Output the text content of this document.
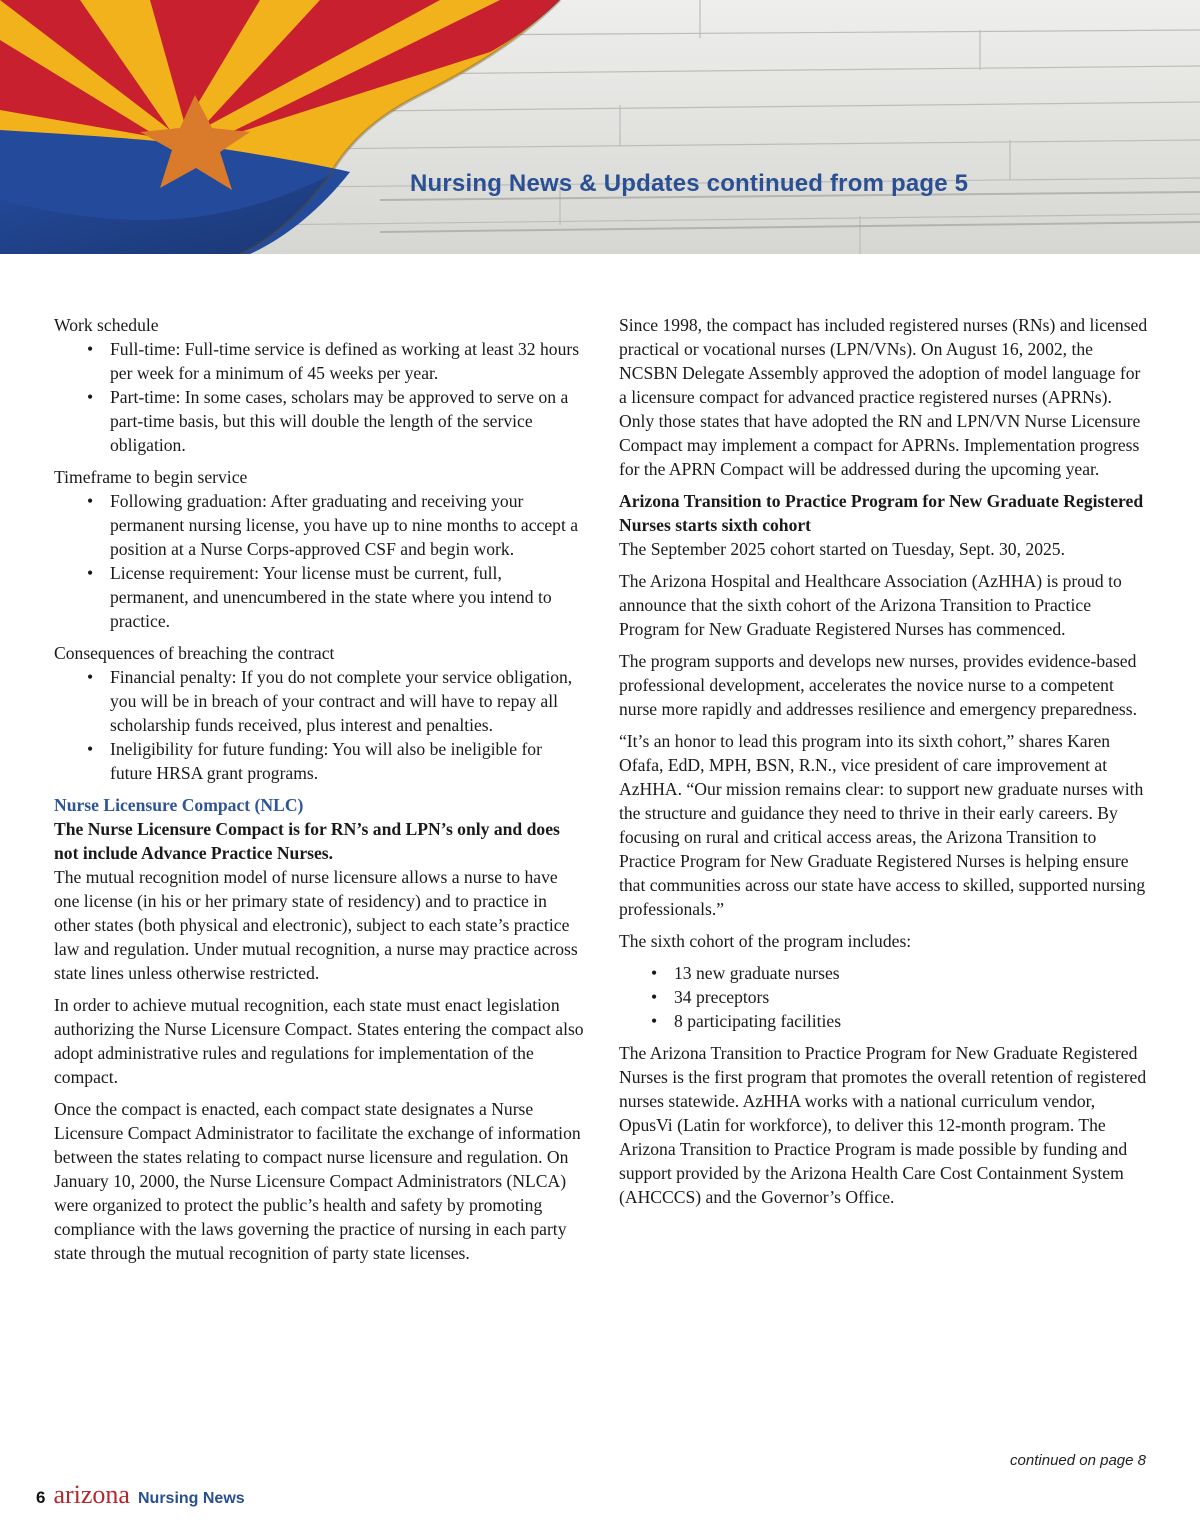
Nursing News & Updates continued from page 5
Work schedule
• Full-time: Full-time service is defined as working at least 32 hours per week for a minimum of 45 weeks per year.
• Part-time: In some cases, scholars may be approved to serve on a part-time basis, but this will double the length of the service obligation.
Timeframe to begin service
• Following graduation: After graduating and receiving your permanent nursing license, you have up to nine months to accept a position at a Nurse Corps-approved CSF and begin work.
• License requirement: Your license must be current, full, permanent, and unencumbered in the state where you intend to practice.
Consequences of breaching the contract
• Financial penalty: If you do not complete your service obligation, you will be in breach of your contract and will have to repay all scholarship funds received, plus interest and penalties.
• Ineligibility for future funding: You will also be ineligible for future HRSA grant programs.
Nurse Licensure Compact (NLC)
The Nurse Licensure Compact is for RN’s and LPN’s only and does not include Advance Practice Nurses.

The mutual recognition model of nurse licensure allows a nurse to have one license (in his or her primary state of residency) and to practice in other states (both physical and electronic), subject to each state’s practice law and regulation. Under mutual recognition, a nurse may practice across state lines unless otherwise restricted.

In order to achieve mutual recognition, each state must enact legislation authorizing the Nurse Licensure Compact. States entering the compact also adopt administrative rules and regulations for implementation of the compact.

Once the compact is enacted, each compact state designates a Nurse Licensure Compact Administrator to facilitate the exchange of information between the states relating to compact nurse licensure and regulation. On January 10, 2000, the Nurse Licensure Compact Administrators (NLCA) were organized to protect the public’s health and safety by promoting compliance with the laws governing the practice of nursing in each party state through the mutual recognition of party state licenses.

Since 1998, the compact has included registered nurses (RNs) and licensed practical or vocational nurses (LPN/VNs). On August 16, 2002, the NCSBN Delegate Assembly approved the adoption of model language for a licensure compact for advanced practice registered nurses (APRNs). Only those states that have adopted the RN and LPN/VN Nurse Licensure Compact may implement a compact for APRNs. Implementation progress for the APRN Compact will be addressed during the upcoming year.

Arizona Transition to Practice Program for New Graduate Registered Nurses starts sixth cohort

The September 2025 cohort started on Tuesday, Sept. 30, 2025.

The Arizona Hospital and Healthcare Association (AzHHA) is proud to announce that the sixth cohort of the Arizona Transition to Practice Program for New Graduate Registered Nurses has commenced.

The program supports and develops new nurses, provides evidence-based professional development, accelerates the novice nurse to a competent nurse more rapidly and addresses resilience and emergency preparedness.

“It’s an honor to lead this program into its sixth cohort,” shares Karen Ofafa, EdD, MPH, BSN, R.N., vice president of care improvement at AzHHA. “Our mission remains clear: to support new graduate nurses with the structure and guidance they need to thrive in their early careers. By focusing on rural and critical access areas, the Arizona Transition to Practice Program for New Graduate Registered Nurses is helping ensure that communities across our state have access to skilled, supported nursing professionals.”

The sixth cohort of the program includes:

• 13 new graduate nurses
• 34 preceptors
• 8 participating facilities

The Arizona Transition to Practice Program for New Graduate Registered Nurses is the first program that promotes the overall retention of registered nurses statewide. AzHHA works with a national curriculum vendor, OpusVi (Latin for workforce), to deliver this 12-month program. The Arizona Transition to Practice Program is made possible by funding and support provided by the Arizona Health Care Cost Containment System (AHCCCS) and the Governor’s Office.

continued on page 8
6 arizona Nursing News
